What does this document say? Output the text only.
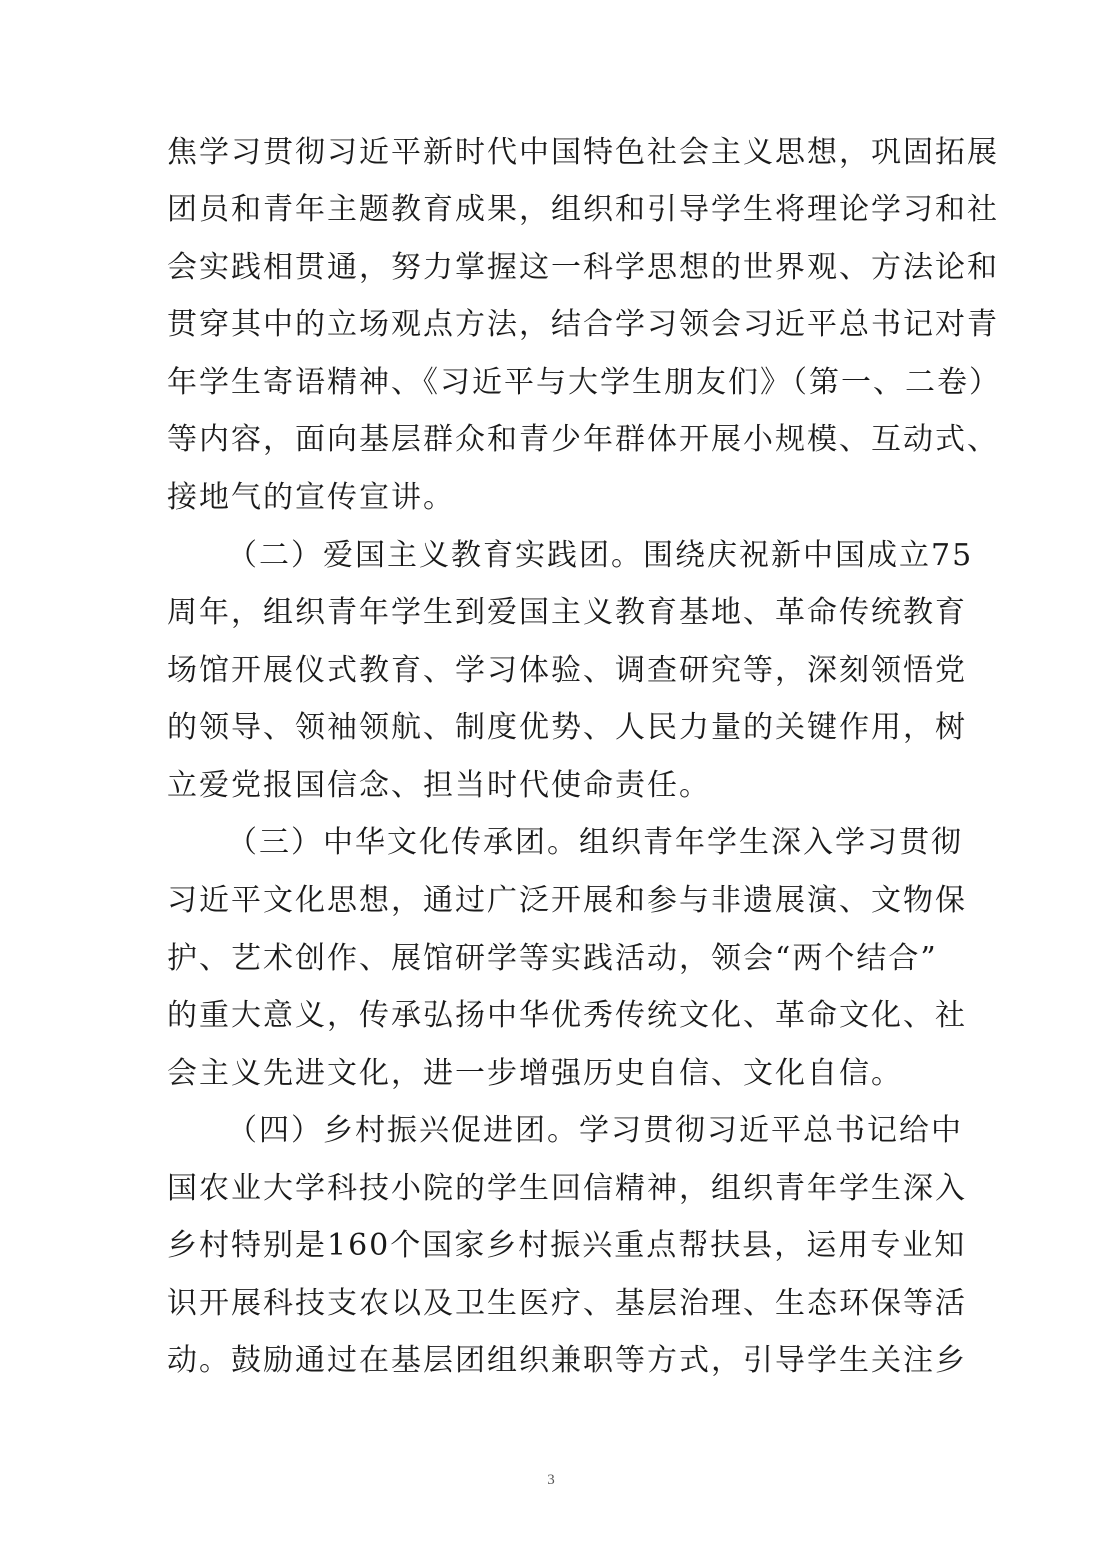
焦学习贯彻习近平新时代中国特色社会主义思想，巩固拓展
团员和青年主题教育成果，组织和引导学生将理论学习和社
会实践相贯通，努力掌握这一科学思想的世界观、方法论和
贯穿其中的立场观点方法，结合学习领会习近平总书记对青
年学生寄语精神、《习近平与大学生朋友们》（第一、二卷）
等内容，面向基层群众和青少年群体开展小规模、互动式、
接地气的宣传宣讲。
（二）爱国主义教育实践团。围绕庆祝新中国成立75
周年，组织青年学生到爱国主义教育基地、革命传统教育
场馆开展仪式教育、学习体验、调查研究等，深刻领悟党
的领导、领袖领航、制度优势、人民力量的关键作用，树
立爱党报国信念、担当时代使命责任。
（三）中华文化传承团。组织青年学生深入学习贯彻
习近平文化思想，通过广泛开展和参与非遗展演、文物保
护、艺术创作、展馆研学等实践活动，领会“两个结合”
的重大意义，传承弘扬中华优秀传统文化、革命文化、社
会主义先进文化，进一步增强历史自信、文化自信。
（四）乡村振兴促进团。学习贯彻习近平总书记给中
国农业大学科技小院的学生回信精神，组织青年学生深入
乡村特别是160个国家乡村振兴重点帮扶县，运用专业知
识开展科技支农以及卫生医疗、基层治理、生态环保等活
动。鼓励通过在基层团组织兼职等方式，引导学生关注乡
3
